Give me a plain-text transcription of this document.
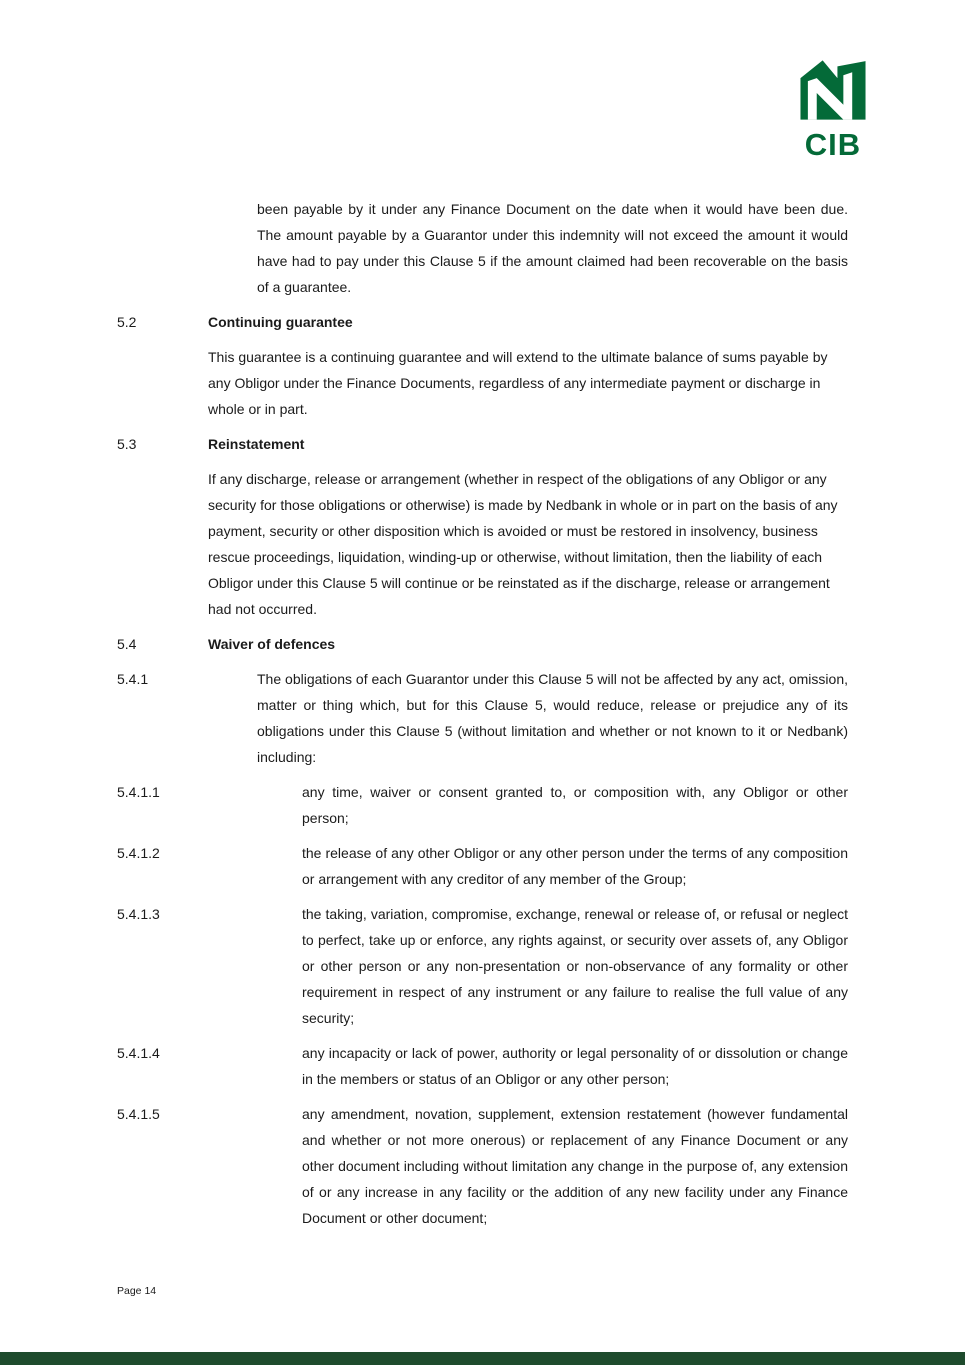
CIB

been payable by it under any Finance Document on the date when it would have been due. The amount payable by a Guarantor under this indemnity will not exceed the amount it would have had to pay under this Clause 5 if the amount claimed had been recoverable on the basis of a guarantee.

5.2	Continuing guarantee

This guarantee is a continuing guarantee and will extend to the ultimate balance of sums payable by any Obligor under the Finance Documents, regardless of any intermediate payment or discharge in whole or in part.

5.3	Reinstatement

If any discharge, release or arrangement (whether in respect of the obligations of any Obligor or any security for those obligations or otherwise) is made by Nedbank in whole or in part on the basis of any payment, security or other disposition which is avoided or must be restored in insolvency, business rescue proceedings, liquidation, winding-up or otherwise, without limitation, then the liability of each Obligor under this Clause 5 will continue or be reinstated as if the discharge, release or arrangement had not occurred.

5.4	Waiver of defences
5.4.1	The obligations of each Guarantor under this Clause 5 will not be affected by any act, omission, matter or thing which, but for this Clause 5, would reduce, release or prejudice any of its obligations under this Clause 5 (without limitation and whether or not known to it or Nedbank) including:
5.4.1.1	any time, waiver or consent granted to, or composition with, any Obligor or other person;
5.4.1.2	the release of any other Obligor or any other person under the terms of any composition or arrangement with any creditor of any member of the Group;
5.4.1.3	the taking, variation, compromise, exchange, renewal or release of, or refusal or neglect to perfect, take up or enforce, any rights against, or security over assets of, any Obligor or other person or any non-presentation or non-observance of any formality or other requirement in respect of any instrument or any failure to realise the full value of any security;
5.4.1.4	any incapacity or lack of power, authority or legal personality of or dissolution or change in the members or status of an Obligor or any other person;
5.4.1.5	any amendment, novation, supplement, extension restatement (however fundamental and whether or not more onerous) or replacement of any Finance Document or any other document including without limitation any change in the purpose of, any extension of or any increase in any facility or the addition of any new facility under any Finance Document or other document;
Page 14
